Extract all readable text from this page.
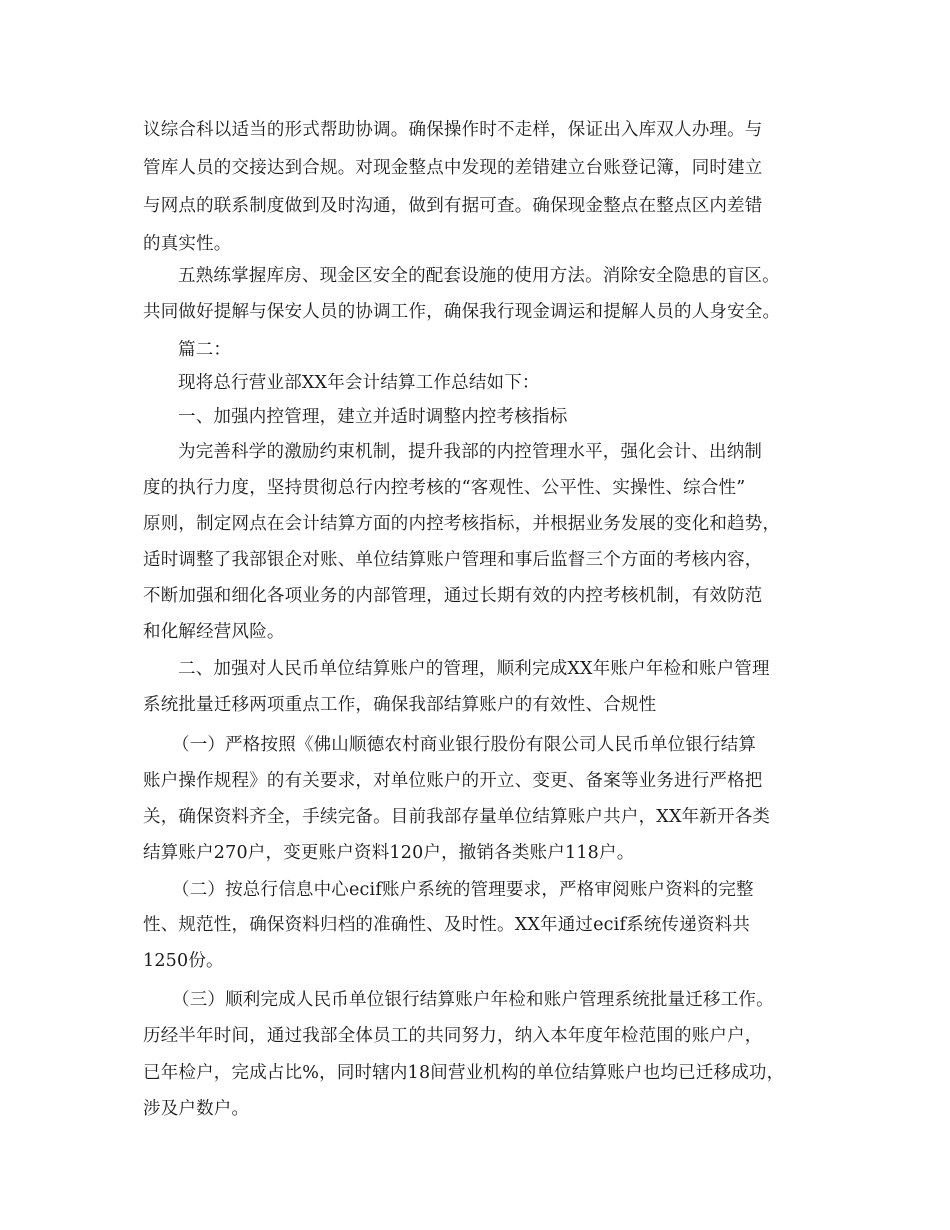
议综合科以适当的形式帮助协调。确保操作时不走样，保证出入库双人办理。与
管库人员的交接达到合规。对现金整点中发现的差错建立台账登记簿，同时建立
与网点的联系制度做到及时沟通，做到有据可查。确保现金整点在整点区内差错
的真实性。
五熟练掌握库房、现金区安全的配套设施的使用方法。消除安全隐患的盲区。
共同做好提解与保安人员的协调工作，确保我行现金调运和提解人员的人身安全。
篇二：
现将总行营业部XX年会计结算工作总结如下：
一、加强内控管理，建立并适时调整内控考核指标
为完善科学的激励约束机制，提升我部的内控管理水平，强化会计、出纳制
度的执行力度，坚持贯彻总行内控考核的“客观性、公平性、实操性、综合性”
原则，制定网点在会计结算方面的内控考核指标，并根据业务发展的变化和趋势，
适时调整了我部银企对账、单位结算账户管理和事后监督三个方面的考核内容，
不断加强和细化各项业务的内部管理，通过长期有效的内控考核机制，有效防范
和化解经营风险。
二、加强对人民币单位结算账户的管理，顺利完成XX年账户年检和账户管理
系统批量迁移两项重点工作，确保我部结算账户的有效性、合规性
（一）严格按照《佛山顺德农村商业银行股份有限公司人民币单位银行结算
账户操作规程》的有关要求，对单位账户的开立、变更、备案等业务进行严格把
关，确保资料齐全，手续完备。目前我部存量单位结算账户共户，XX年新开各类
结算账户270户，变更账户资料120户，撤销各类账户118户。
（二）按总行信息中心ecif账户系统的管理要求，严格审阅账户资料的完整
性、规范性，确保资料归档的准确性、及时性。XX年通过ecif系统传递资料共
1250份。
（三）顺利完成人民币单位银行结算账户年检和账户管理系统批量迁移工作。
历经半年时间，通过我部全体员工的共同努力，纳入本年度年检范围的账户户，
已年检户，完成占比%，同时辖内18间营业机构的单位结算账户也均已迁移成功，
涉及户数户。
